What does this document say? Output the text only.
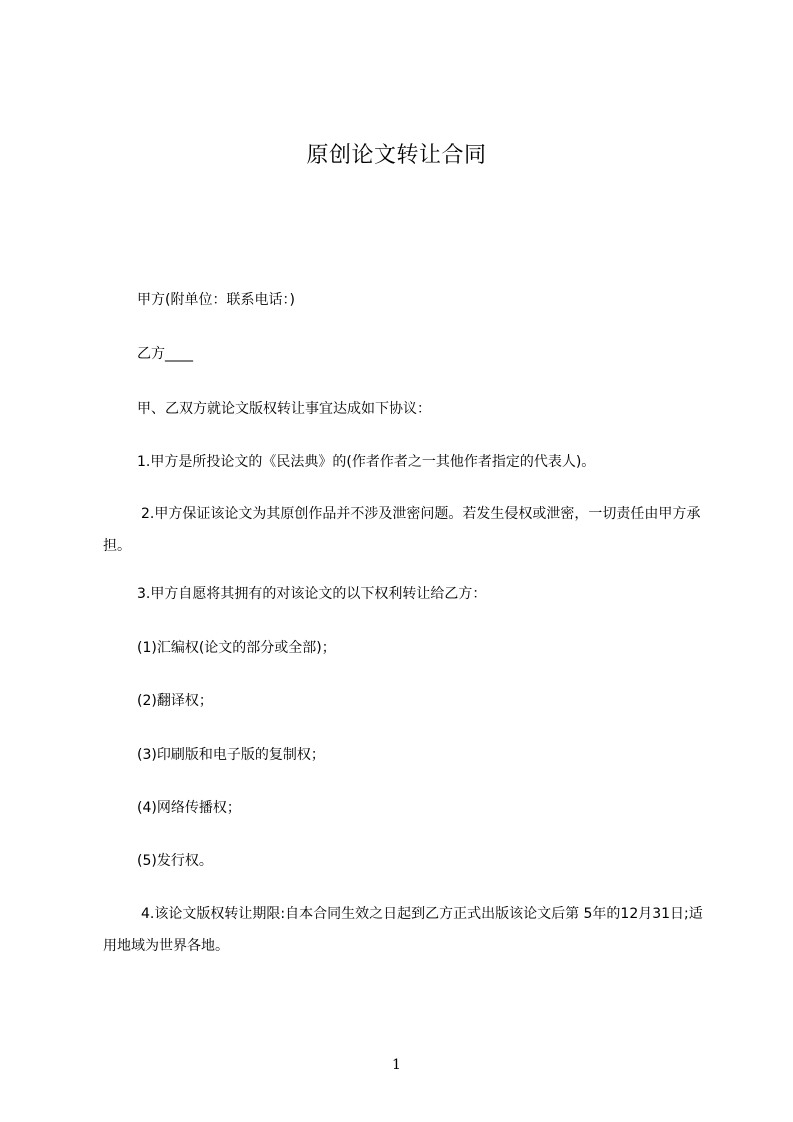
原创论文转让合同
甲方(附单位：联系电话：)
乙方____
甲、乙双方就论文版权转让事宜达成如下协议：
1.甲方是所投论文的《民法典》的(作者作者之一其他作者指定的代表人)。
2.甲方保证该论文为其原创作品并不涉及泄密问题。若发生侵权或泄密，一切责任由甲方承担。
3.甲方自愿将其拥有的对该论文的以下权利转让给乙方：
(1)汇编权(论文的部分或全部)；
(2)翻译权；
(3)印刷版和电子版的复制权；
(4)网络传播权；
(5)发行权。
4.该论文版权转让期限:自本合同生效之日起到乙方正式出版该论文后第 5年的12月31日;适用地域为世界各地。
1
